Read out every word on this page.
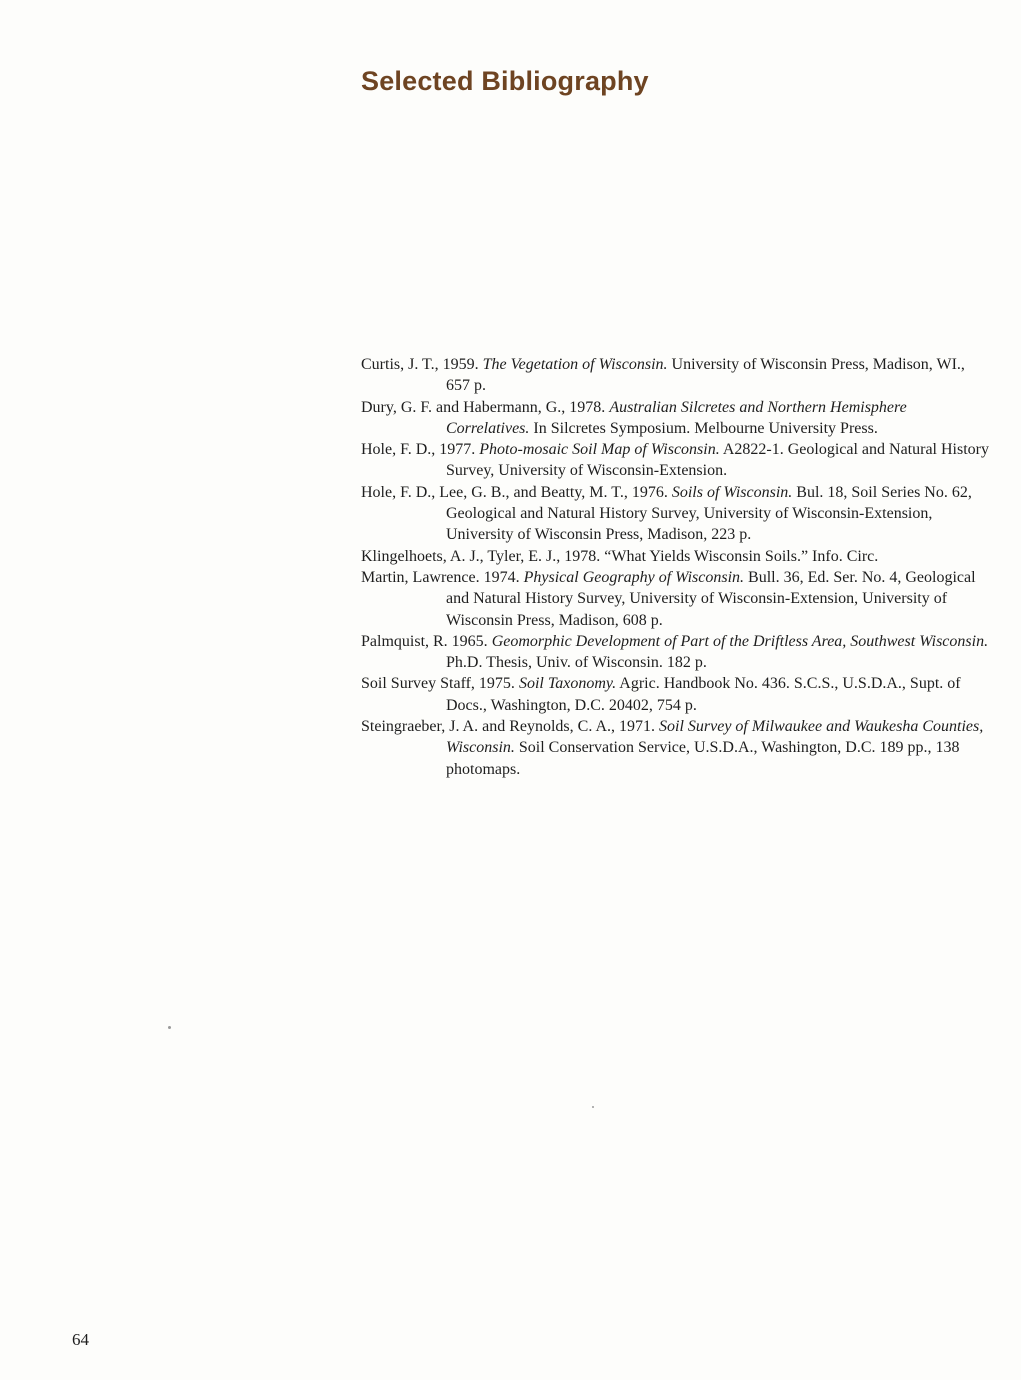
Selected Bibliography

Curtis, J. T., 1959. The Vegetation of Wisconsin. University of Wisconsin Press, Madison, WI., 657 p.

Dury, G. F. and Habermann, G., 1978. Australian Silcretes and Northern Hemisphere Correlatives. In Silcretes Symposium. Melbourne University Press.

Hole, F. D., 1977. Photo-mosaic Soil Map of Wisconsin. A2822-1. Geological and Natural History Survey, University of Wisconsin-Extension.

Hole, F. D., Lee, G. B., and Beatty, M. T., 1976. Soils of Wisconsin. Bul. 18, Soil Series No. 62, Geological and Natural History Survey, University of Wisconsin-Extension, University of Wisconsin Press, Madison, 223 p.

Klingelhoets, A. J., Tyler, E. J., 1978. “What Yields Wisconsin Soils.” Info. Circ.

Martin, Lawrence. 1974. Physical Geography of Wisconsin. Bull. 36, Ed. Ser. No. 4, Geological and Natural History Survey, University of Wisconsin-Extension, University of Wisconsin Press, Madison, 608 p.

Palmquist, R. 1965. Geomorphic Development of Part of the Driftless Area, Southwest Wisconsin. Ph.D. Thesis, Univ. of Wisconsin. 182 p.

Soil Survey Staff, 1975. Soil Taxonomy. Agric. Handbook No. 436. S.C.S., U.S.D.A., Supt. of Docs., Washington, D.C. 20402, 754 p.

Steingraeber, J. A. and Reynolds, C. A., 1971. Soil Survey of Milwaukee and Waukesha Counties, Wisconsin. Soil Conservation Service, U.S.D.A., Washington, D.C. 189 pp., 138 photomaps.

64
